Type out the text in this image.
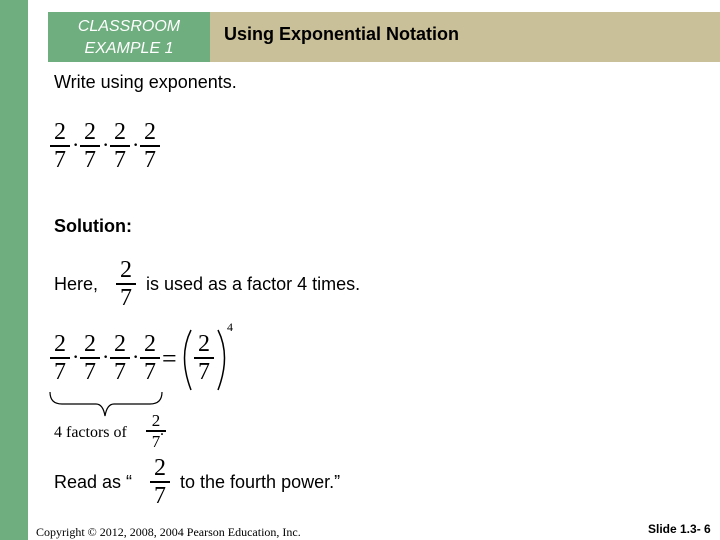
CLASSROOM
EXAMPLE 1
Using Exponential Notation
Write using exponents.
2
7
· 2
7
· 2
7
· 2
7
Solution:
Here,
2
7
is used as a factor 4 times.
2
7
· 2
7
· 2
7
· 2
7 = 2
7
4
4 factors of
2
7
.
Read as “
2
7
to the fourth power.”
Copyright © 2012, 2008, 2004 Pearson Education, Inc.	Slide 1.3- 6
